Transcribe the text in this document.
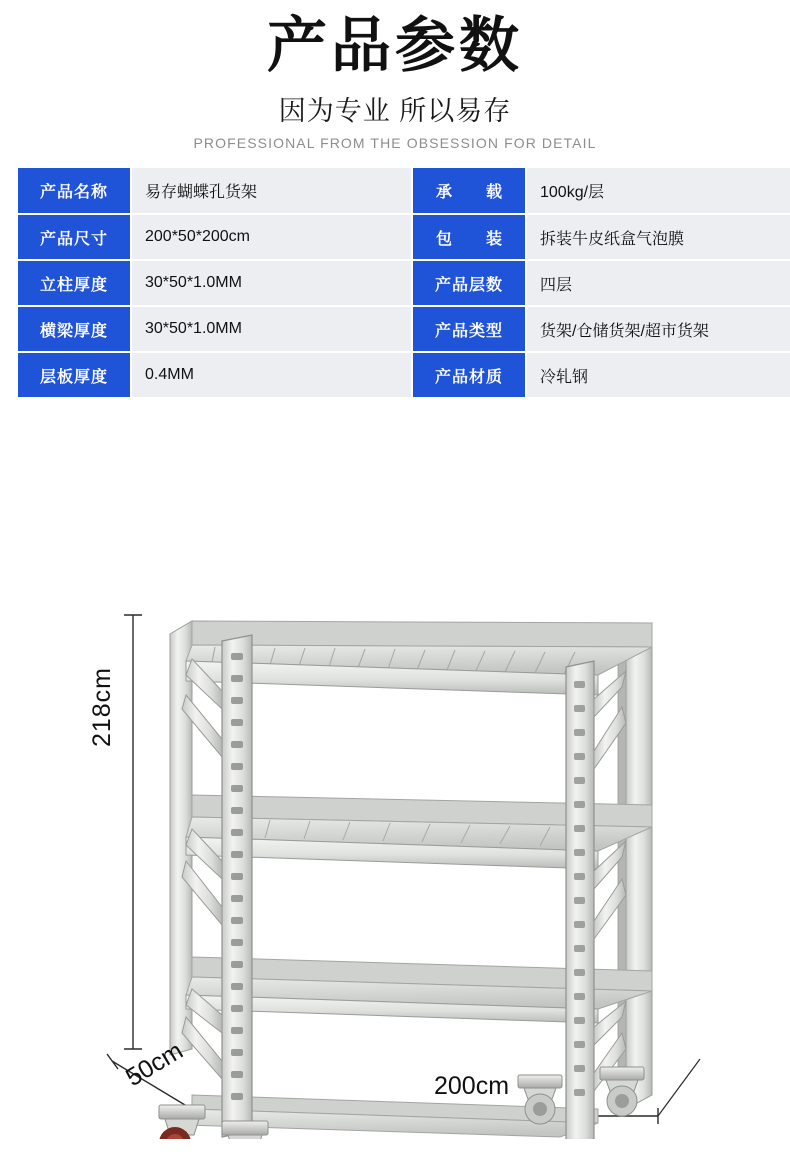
产品参数
因为专业 所以易存
PROFESSIONAL FROM THE OBSESSION FOR DETAIL
产品名称	易存蝴蝶孔货架	承　载	100kg/层
产品尺寸	200*50*200cm	包　装	拆装牛皮纸盒气泡膜
立柱厚度	30*50*1.0MM	产品层数	四层
横梁厚度	30*50*1.0MM	产品类型	货架/仓储货架/超市货架
层板厚度	0.4MM	产品材质	冷轧钢
218cm
200cm
50cm
